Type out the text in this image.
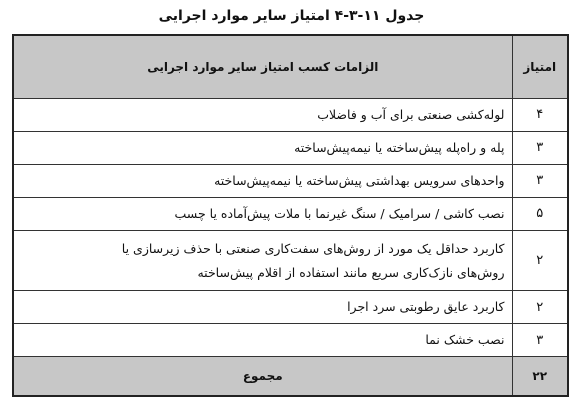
جدول ۱۱-۳-۴ امتیاز سایر موارد اجرایی
امتیاز	الزامات کسب امتیاز سایر موارد اجرایی
۴	لوله‌کشی صنعتی برای آب و فاضلاب
۳	پله و راه‌پله پیش‌ساخته یا نیمه‌پیش‌ساخته
۳	واحدهای سرویس بهداشتی پیش‌ساخته یا نیمه‌پیش‌ساخته
۵	نصب کاشی / سرامیک / سنگ غیرنما با ملات پیش‌آماده یا چسب
۲	کاربرد حداقل یک مورد از روش‌های سفت‌کاری صنعتی با حذف زیرسازی یا
روش‌های نازک‌کاری سریع مانند استفاده از اقلام پیش‌ساخته

۲	کاربرد عایق رطوبتی سرد اجرا
۳	نصب خشک نما
۲۲	مجموع
